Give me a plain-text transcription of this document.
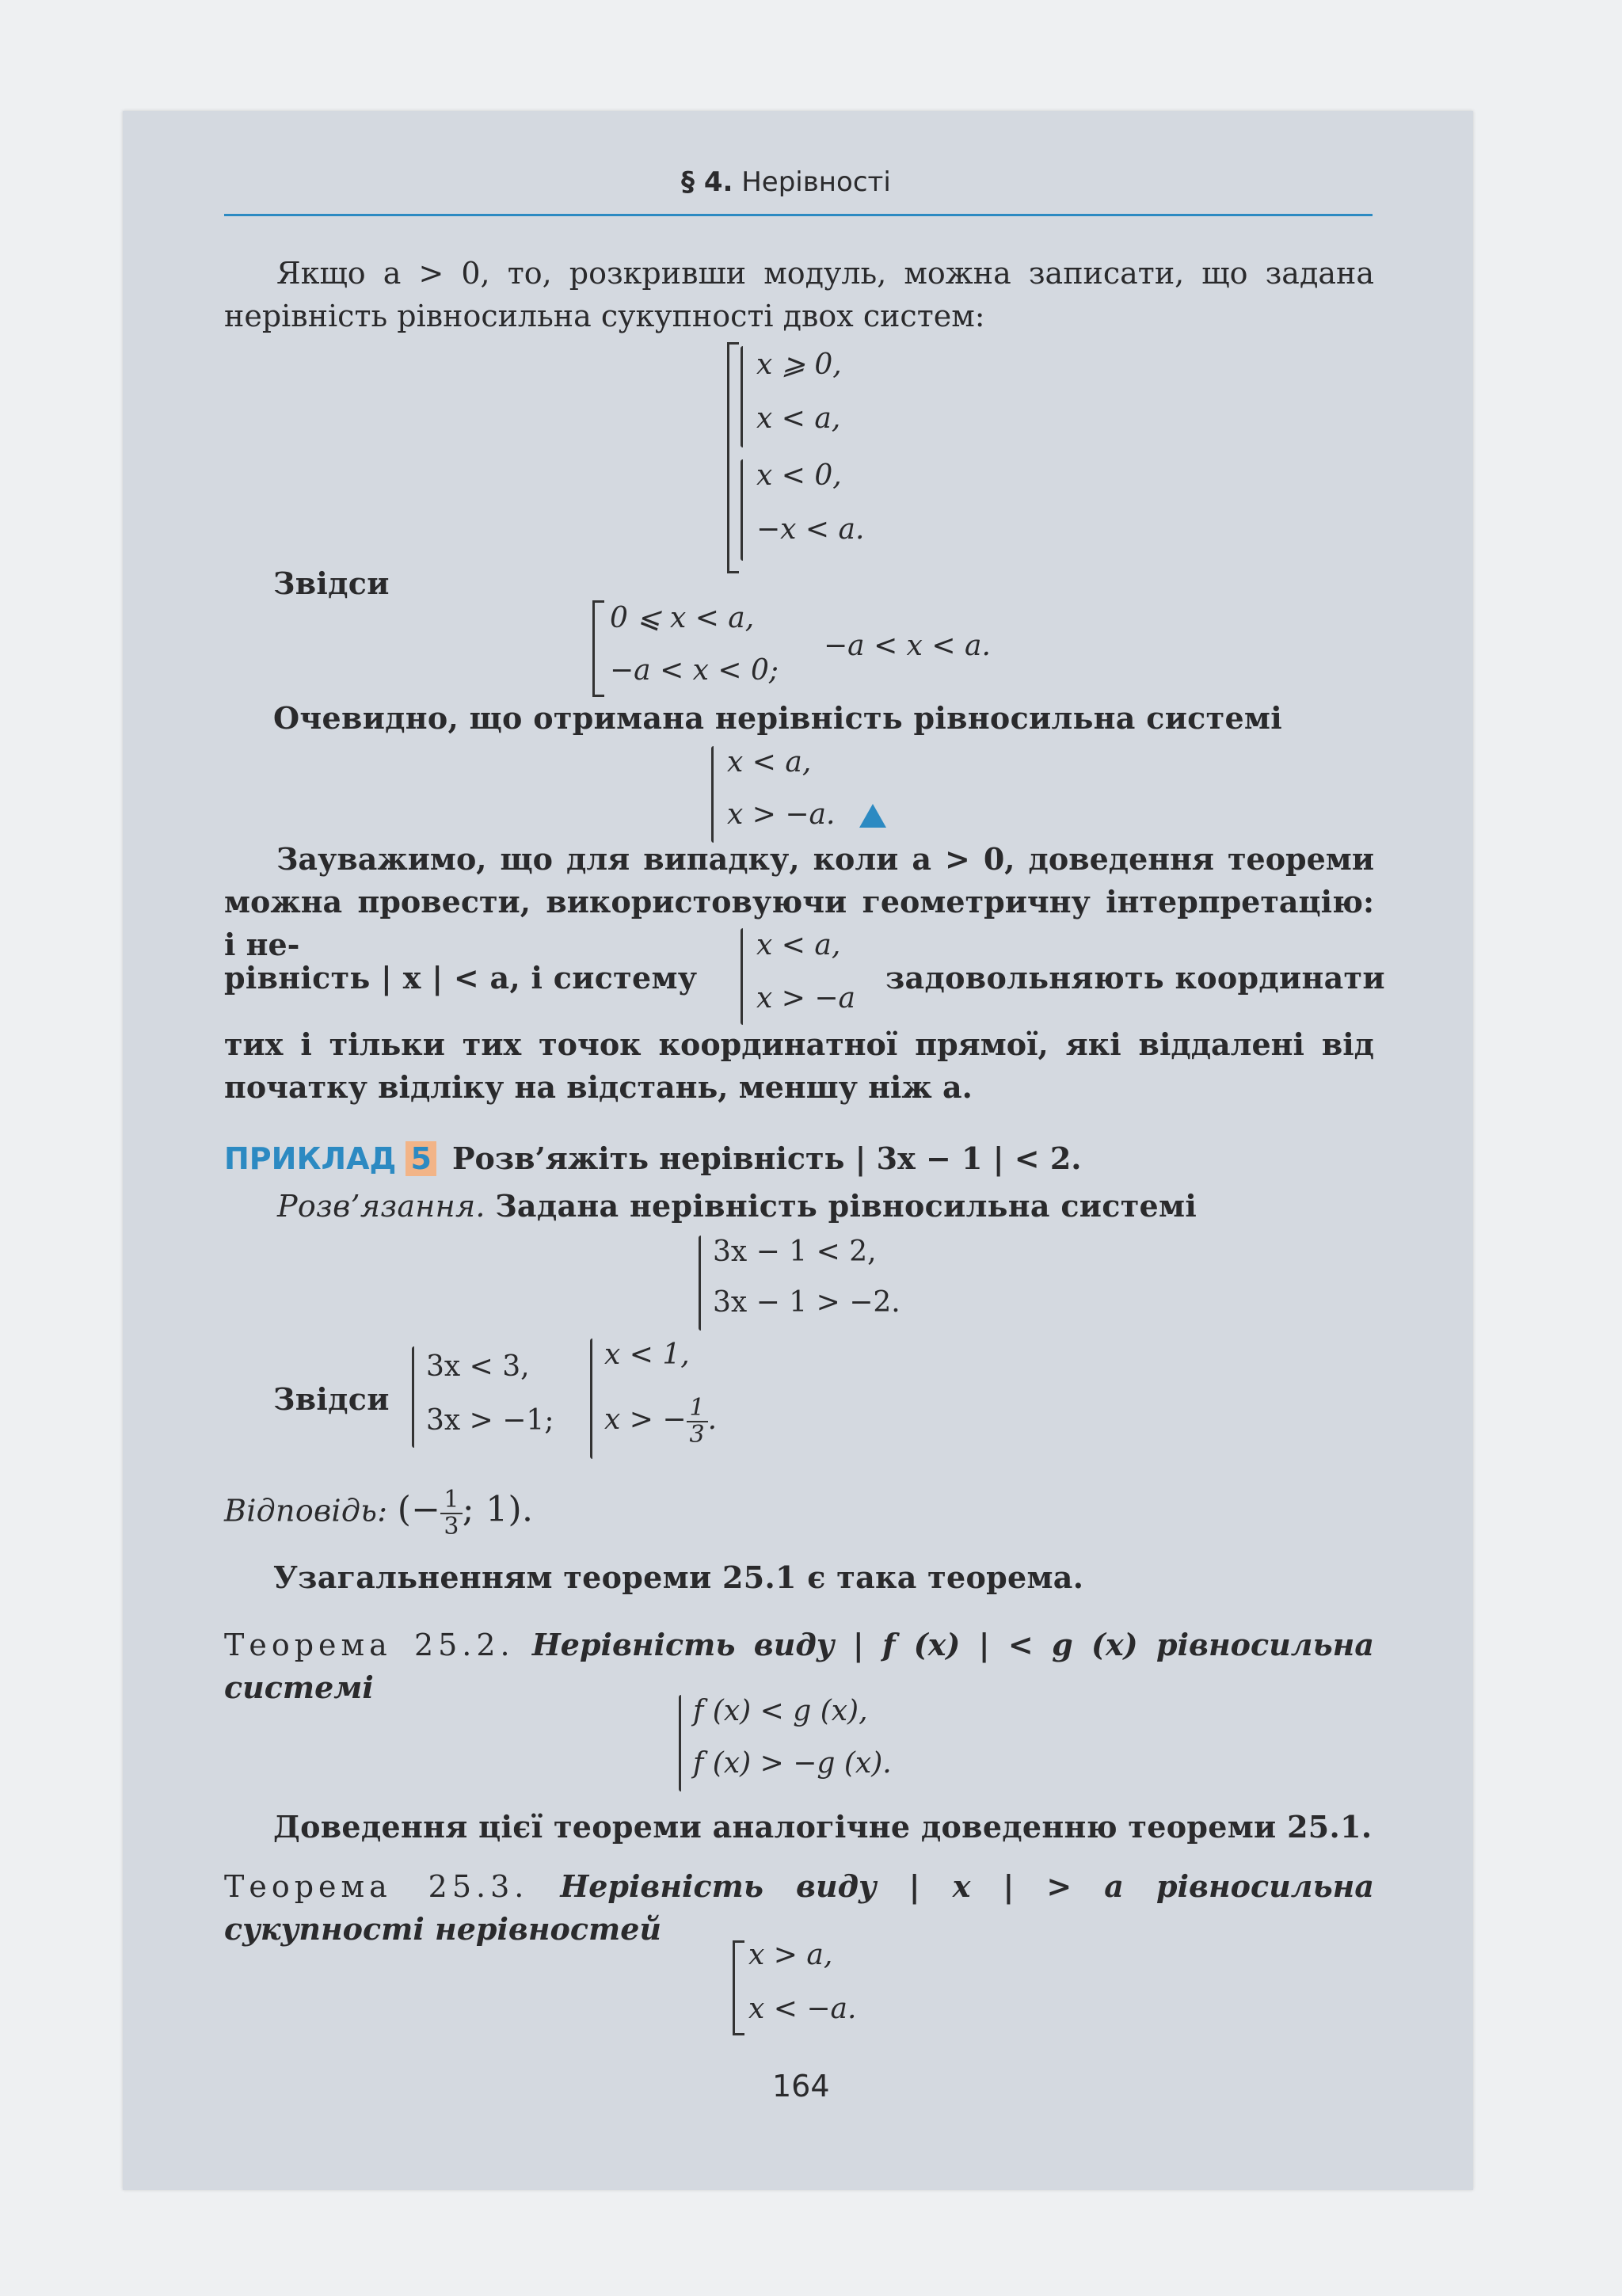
§ 4. Нерівності
Якщо a > 0, то, розкривши модуль, можна записати, що задана нерівність рівносильна сукупності двох систем:
x ⩾ 0,
x < a,
x < 0,
−x < a.
Звідси
0 ⩽ x < a,
−a < x < 0;
−a < x < a.
Очевидно, що отримана нерівність рівносильна системі
x < a,
x > −a.
Зауважимо, що для випадку, коли a > 0, доведення теореми можна провести, використовуючи геометричну інтерпретацію: і не-
рівність | x | < a, і систему
x < a,
x > −a
задовольняють координати
тих і тільки тих точок координатної прямої, які віддалені від початку відліку на відстань, меншу ніж a.
ПРИКЛАД 5 Розв’яжіть нерівність | 3x − 1 | < 2.
Розв’язання. Задана нерівність рівносильна системі
3x − 1 < 2,
3x − 1 > −2.
Звідси
3x < 3,
3x > −1;
x < 1,
x > − $\frac{1}{3}$ .
Відповідь: (− $\frac{1}{3}$ ; 1).
Узагальненням теореми 25.1 є така теорема.
Теорема 25.2. Нерівність виду | f (x) | < g (x) рівносильна системі
f (x) < g (x),
f (x) > −g (x).
Доведення цієї теореми аналогічне доведенню теореми 25.1.
Теорема 25.3. Нерівність виду | x | > a рівносильна сукупності нерівностей
x > a,
x < −a.
164
